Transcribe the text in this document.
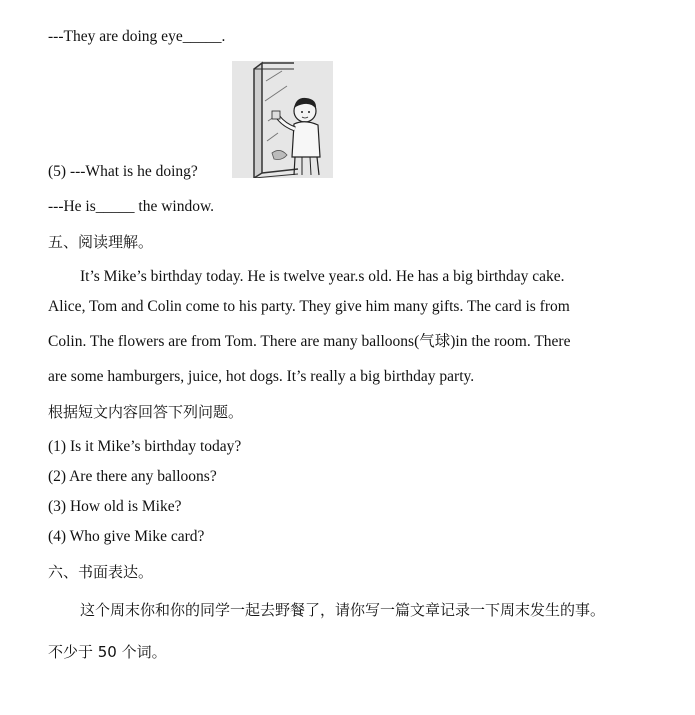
---They are doing eye_____.
(5) ---What is he doing?
---He is_____ the window.
五、阅读理解。
It’s Mike’s birthday today. He is twelve year.s old. He has a big birthday cake.
Alice, Tom and Colin come to his party. They give him many gifts. The card is from
Colin. The flowers are from Tom. There are many balloons(气球)in the room. There
are some hamburgers, juice, hot dogs. It’s really a big birthday party.
根据短文内容回答下列问题。
(1) Is it Mike’s birthday today?
(2) Are there any balloons?
(3) How old is Mike?
(4) Who give Mike card?
六、书面表达。
这个周末你和你的同学一起去野餐了，请你写一篇文章记录一下周末发生的事。
不少于 50 个词。
